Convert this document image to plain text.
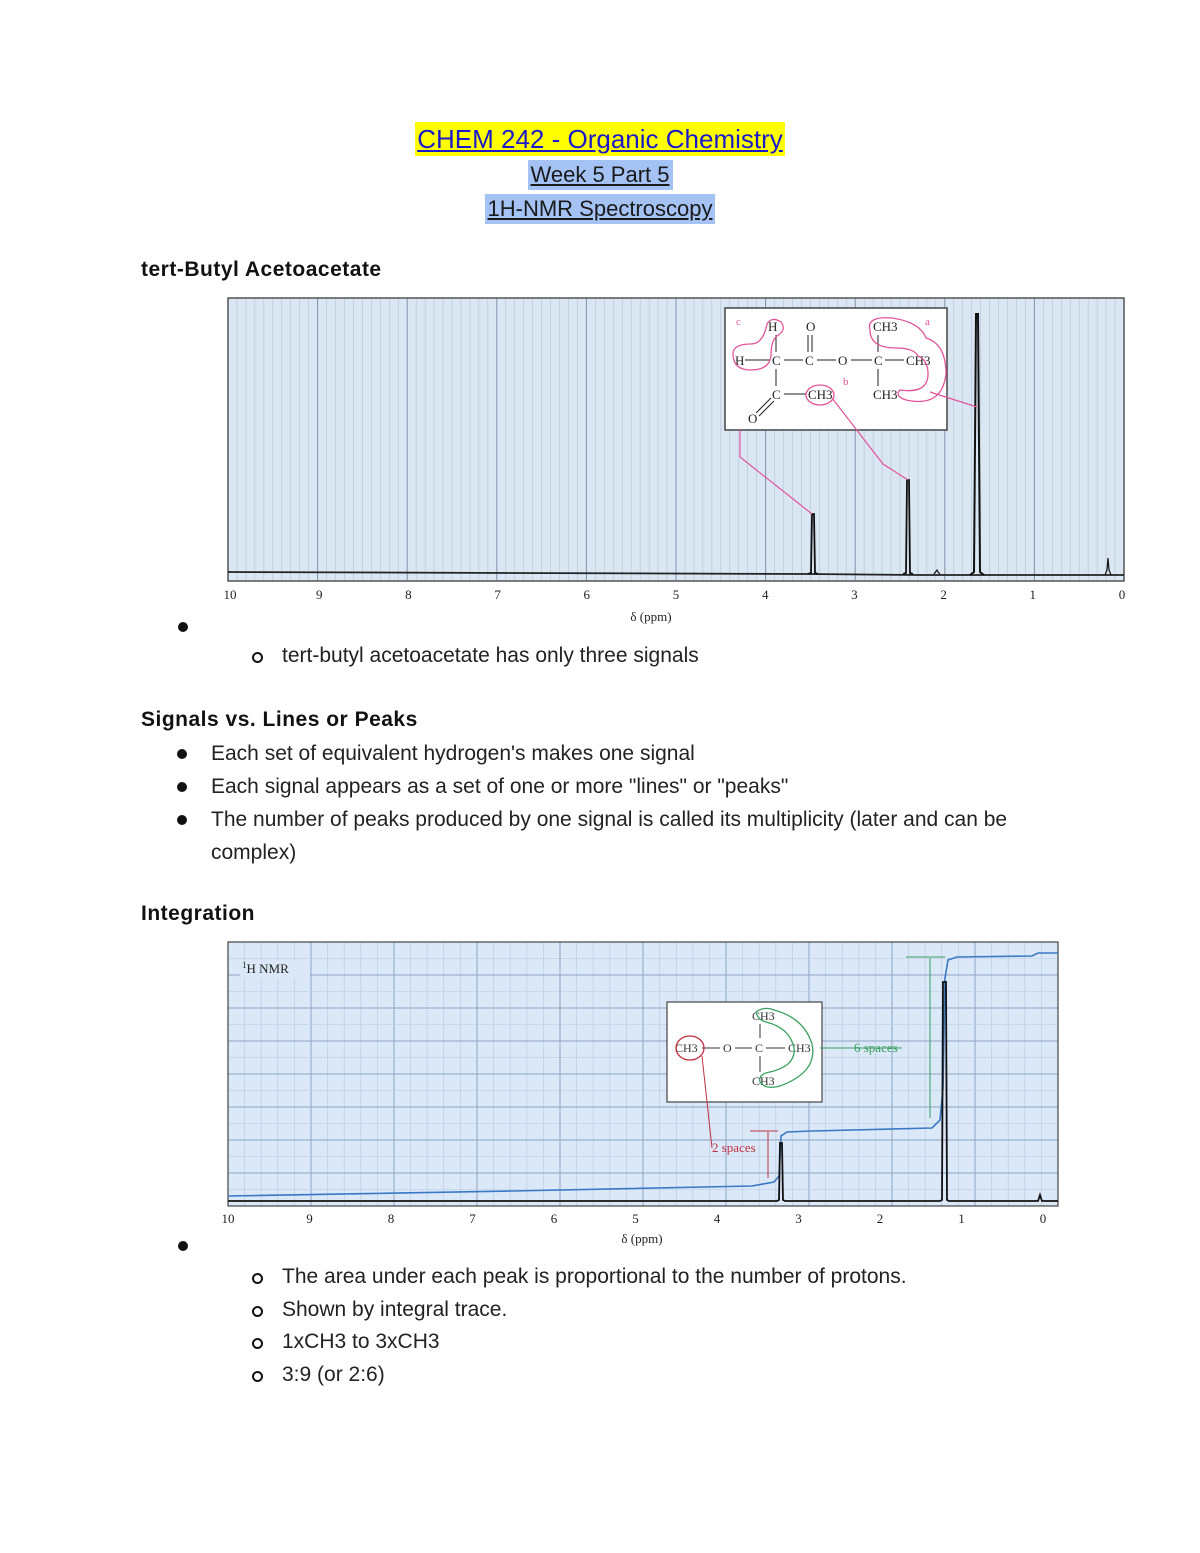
CHEM 242 - Organic Chemistry
Week 5 Part 5
1H-NMR Spectroscopy
tert-Butyl Acetoacetate
H O	CH3
H C C O C CH3
C CH3	CH3
O
c
b
a
10	9	8	7	6	5	4	3	2	1	0
δ (ppm)
tert-butyl acetoacetate has only three signals
Signals vs. Lines or Peaks
Each set of equivalent hydrogen's makes one signal
Each signal appears as a set of one or more "lines" or "peaks"
The number of peaks produced by one signal is called its multiplicity (later and can be complex)
Integration
$^1$H NMR
CH3
CH3 O C CH3
CH3
2 spaces
6 spaces
10	9	8	7	6	5	4	3	2	1	0
δ (ppm)
The area under each peak is proportional to the number of protons.
Shown by integral trace.
1xCH3 to 3xCH3
3:9 (or 2:6)
